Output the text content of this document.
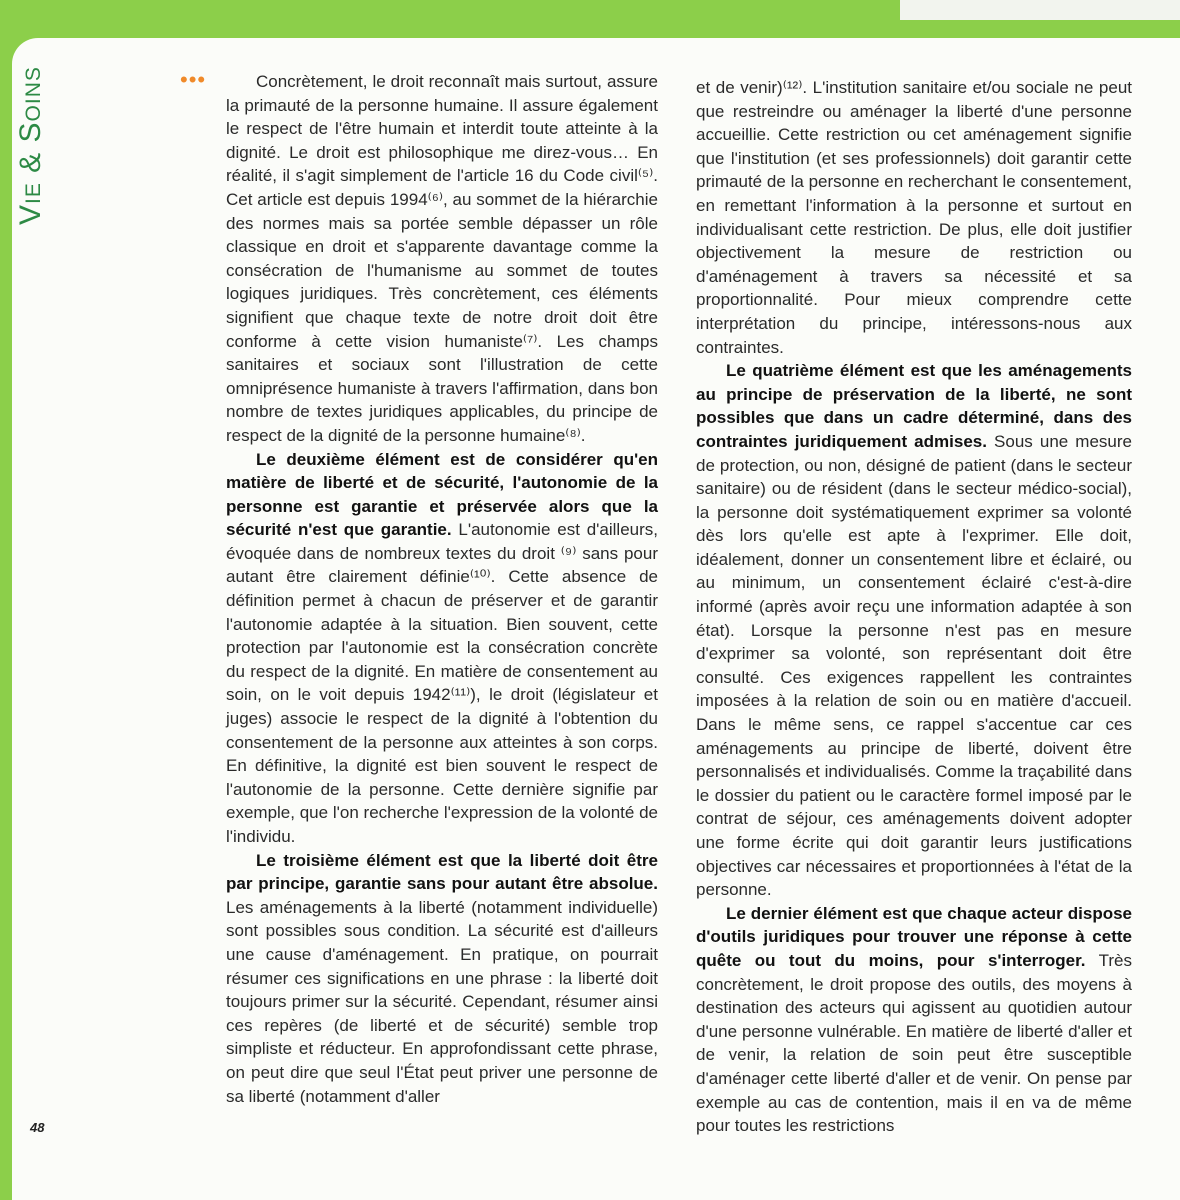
Vie & Soins	•••	Concrètement, le droit reconnaît mais surtout, assure la primauté de la personne humaine. Il assure également le respect de l'être humain et interdit toute atteinte à la dignité. Le droit est philosophique me direz-vous… En réalité, il s'agit simplement de l'article 16 du Code civil⁽⁵⁾. Cet article est depuis 1994⁽⁶⁾, au sommet de la hiérarchie des normes mais sa portée semble dépasser un rôle classique en droit et s'apparente davantage comme la consécration de l'humanisme au sommet de toutes logiques juridiques. Très concrètement, ces éléments signifient que chaque texte de notre droit doit être conforme à cette vision humaniste⁽⁷⁾. Les champs sanitaires et sociaux sont l'illustration de cette omniprésence humaniste à travers l'affirmation, dans bon nombre de textes juridiques applicables, du principe de respect de la dignité de la personne humaine⁽⁸⁾.

Le deuxième élément est de considérer qu'en matière de liberté et de sécurité, l'autonomie de la personne est garantie et préservée alors que la sécurité n'est que garantie. L'autonomie est d'ailleurs, évoquée dans de nombreux textes du droit ⁽⁹⁾ sans pour autant être clairement définie⁽¹⁰⁾. Cette absence de définition permet à chacun de préserver et de garantir l'autonomie adaptée à la situation. Bien souvent, cette protection par l'autonomie est la consécration concrète du respect de la dignité. En matière de consentement au soin, on le voit depuis 1942⁽¹¹⁾), le droit (législateur et juges) associe le respect de la dignité à l'obtention du consentement de la personne aux atteintes à son corps. En définitive, la dignité est bien souvent le respect de l'autonomie de la personne. Cette dernière signifie par exemple, que l'on recherche l'expression de la volonté de l'individu.

Le troisième élément est que la liberté doit être par principe, garantie sans pour autant être absolue. Les aménagements à la liberté (notamment individuelle) sont possibles sous condition. La sécurité est d'ailleurs une cause d'aménagement. En pratique, on pourrait résumer ces significations en une phrase : la liberté doit toujours primer sur la sécurité. Cependant, résumer ainsi ces repères (de liberté et de sécurité) semble trop simpliste et réducteur. En approfondissant cette phrase, on peut dire que seul l'État peut priver une personne de sa liberté (notamment d'aller

et de venir)⁽¹²⁾. L'institution sanitaire et/ou sociale ne peut que restreindre ou aménager la liberté d'une personne accueillie. Cette restriction ou cet aménagement signifie que l'institution (et ses professionnels) doit garantir cette primauté de la personne en recherchant le consentement, en remettant l'information à la personne et surtout en individualisant cette restriction. De plus, elle doit justifier objectivement la mesure de restriction ou d'aménagement à travers sa nécessité et sa proportionnalité. Pour mieux comprendre cette interprétation du principe, intéressons-nous aux contraintes.

Le quatrième élément est que les aménagements au principe de préservation de la liberté, ne sont possibles que dans un cadre déterminé, dans des contraintes juridiquement admises. Sous une mesure de protection, ou non, désigné de patient (dans le secteur sanitaire) ou de résident (dans le secteur médico-social), la personne doit systématiquement exprimer sa volonté dès lors qu'elle est apte à l'exprimer. Elle doit, idéalement, donner un consentement libre et éclairé, ou au minimum, un consentement éclairé c'est-à-dire informé (après avoir reçu une information adaptée à son état). Lorsque la personne n'est pas en mesure d'exprimer sa volonté, son représentant doit être consulté. Ces exigences rappellent les contraintes imposées à la relation de soin ou en matière d'accueil. Dans le même sens, ce rappel s'accentue car ces aménagements au principe de liberté, doivent être personnalisés et individualisés. Comme la traçabilité dans le dossier du patient ou le caractère formel imposé par le contrat de séjour, ces aménagements doivent adopter une forme écrite qui doit garantir leurs justifications objectives car nécessaires et proportionnées à l'état de la personne.

Le dernier élément est que chaque acteur dispose d'outils juridiques pour trouver une réponse à cette quête ou tout du moins, pour s'interroger. Très concrètement, le droit propose des outils, des moyens à destination des acteurs qui agissent au quotidien autour d'une personne vulnérable. En matière de liberté d'aller et de venir, la relation de soin peut être susceptible d'aménager cette liberté d'aller et de venir. On pense par exemple au cas de contention, mais il en va de même pour toutes les restrictions

48
